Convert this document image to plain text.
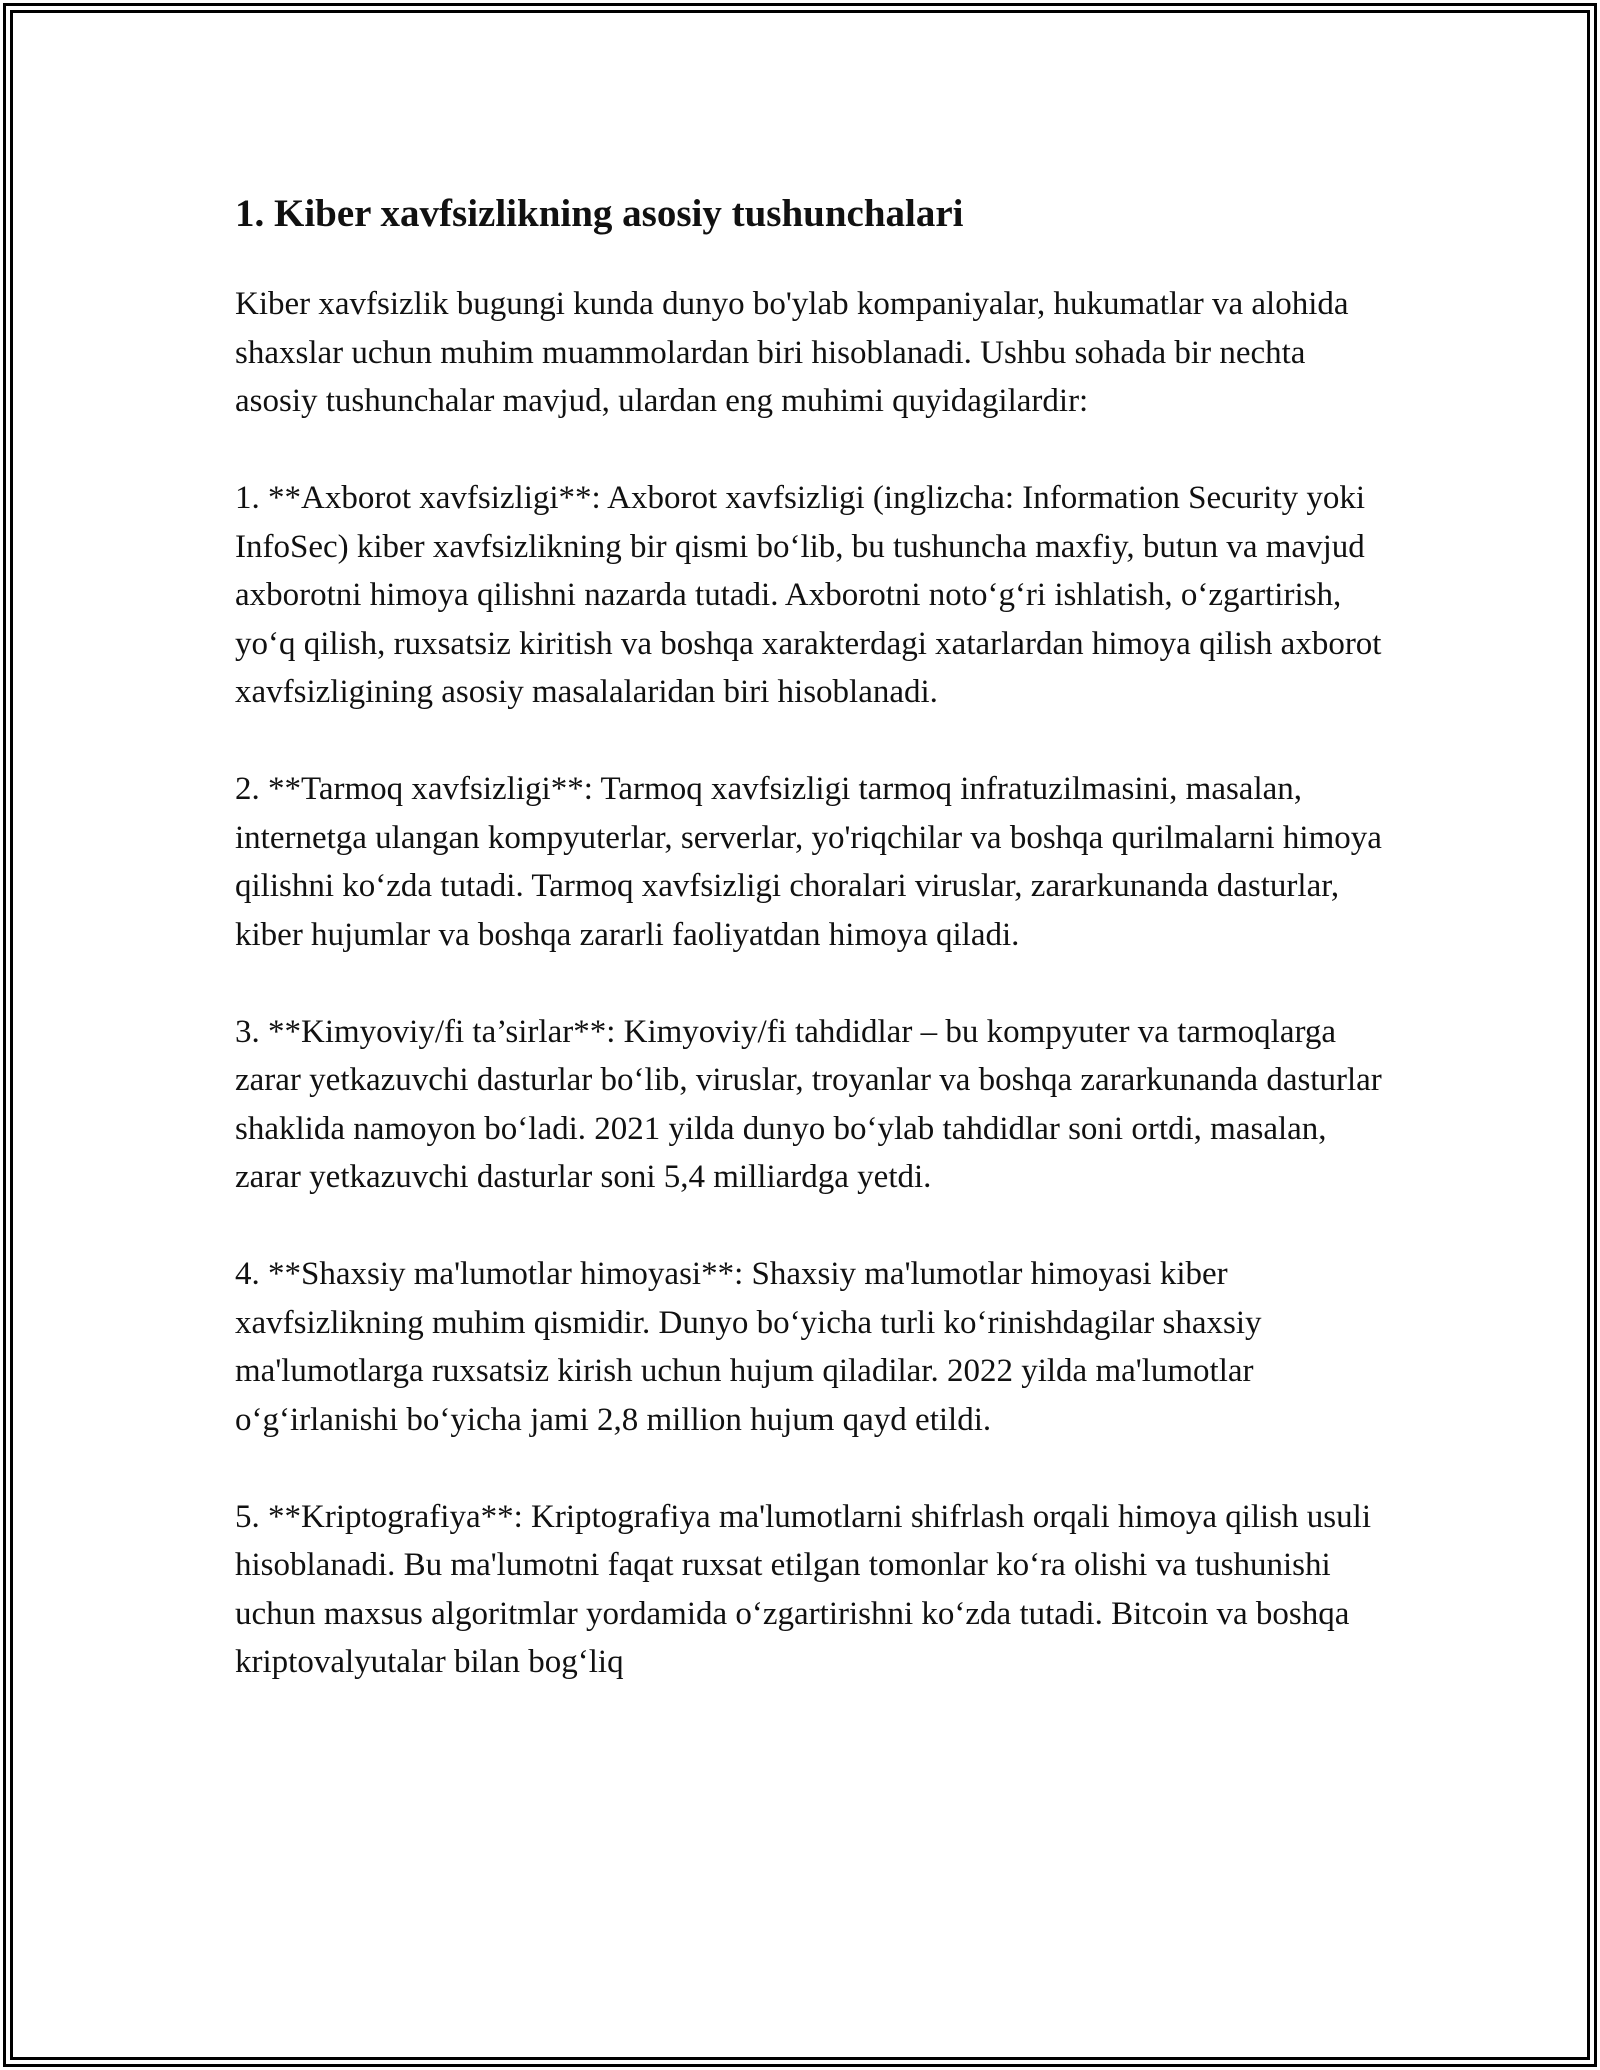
1. Kiber xavfsizlikning asosiy tushunchalari

Kiber xavfsizlik bugungi kunda dunyo bo'ylab kompaniyalar, hukumatlar va alohida shaxslar uchun muhim muammolardan biri hisoblanadi. Ushbu sohada bir nechta asosiy tushunchalar mavjud, ulardan eng muhimi quyidagilardir:

1. **Axborot xavfsizligi**: Axborot xavfsizligi (inglizcha: Information Security yoki InfoSec) kiber xavfsizlikning bir qismi bo‘lib, bu tushuncha maxfiy, butun va mavjud axborotni himoya qilishni nazarda tutadi. Axborotni noto‘g‘ri ishlatish, o‘zgartirish, yo‘q qilish, ruxsatsiz kiritish va boshqa xarakterdagi xatarlardan himoya qilish axborot xavfsizligining asosiy masalalaridan biri hisoblanadi.

2. **Tarmoq xavfsizligi**: Tarmoq xavfsizligi tarmoq infratuzilmasini, masalan, internetga ulangan kompyuterlar, serverlar, yo'riqchilar va boshqa qurilmalarni himoya qilishni ko‘zda tutadi. Tarmoq xavfsizligi choralari viruslar, zararkunanda dasturlar, kiber hujumlar va boshqa zararli faoliyatdan himoya qiladi.

3. **Kimyoviy/fi ta’sirlar**: Kimyoviy/fi tahdidlar – bu kompyuter va tarmoqlarga zarar yetkazuvchi dasturlar bo‘lib, viruslar, troyanlar va boshqa zararkunanda dasturlar shaklida namoyon bo‘ladi. 2021 yilda dunyo bo‘ylab tahdidlar soni ortdi, masalan, zarar yetkazuvchi dasturlar soni 5,4 milliardga yetdi.

4. **Shaxsiy ma'lumotlar himoyasi**: Shaxsiy ma'lumotlar himoyasi kiber xavfsizlikning muhim qismidir. Dunyo bo‘yicha turli ko‘rinishdagilar shaxsiy ma'lumotlarga ruxsatsiz kirish uchun hujum qiladilar. 2022 yilda ma'lumotlar o‘g‘irlanishi bo‘yicha jami 2,8 million hujum qayd etildi.

5. **Kriptografiya**: Kriptografiya ma'lumotlarni shifrlash orqali himoya qilish usuli hisoblanadi. Bu ma'lumotni faqat ruxsat etilgan tomonlar ko‘ra olishi va tushunishi uchun maxsus algoritmlar yordamida o‘zgartirishni ko‘zda tutadi. Bitcoin va boshqa kriptovalyutalar bilan bog‘liq
